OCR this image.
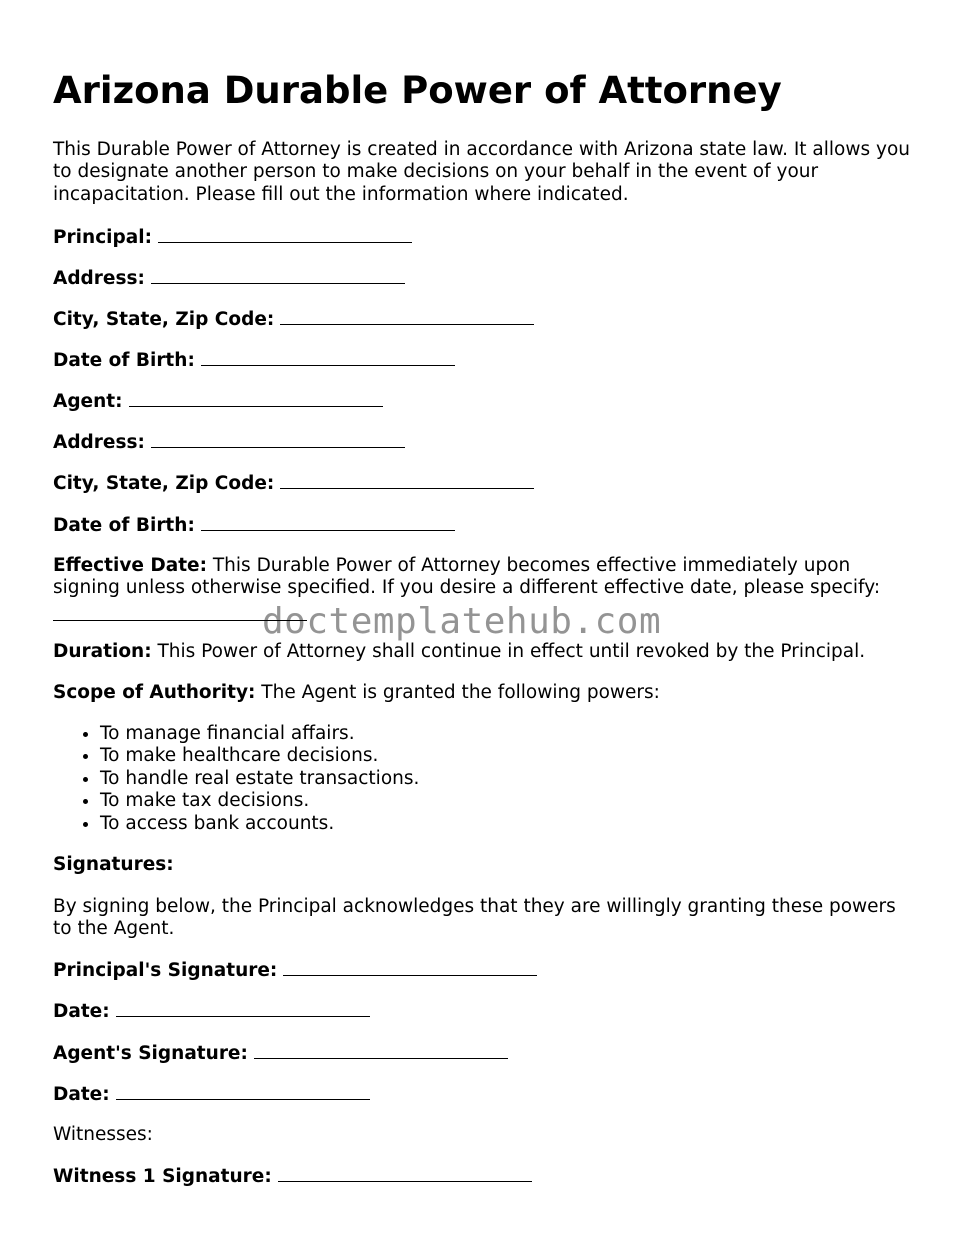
Arizona Durable Power of Attorney

This Durable Power of Attorney is created in accordance with Arizona state law. It allows you to designate another person to make decisions on your behalf in the event of your incapacitation. Please fill out the information where indicated.

Principal:
Address:
City, State, Zip Code:
Date of Birth:
Agent:
Address:
City, State, Zip Code:
Date of Birth:
Effective Date: This Durable Power of Attorney becomes effective immediately upon signing unless otherwise specified. If you desire a different effective date, please specify:
Duration: This Power of Attorney shall continue in effect until revoked by the Principal.
Scope of Authority: The Agent is granted the following powers:
• To manage financial affairs.
• To make healthcare decisions.
• To handle real estate transactions.
• To make tax decisions.
• To access bank accounts.
Signatures:

By signing below, the Principal acknowledges that they are willingly granting these powers to the Agent.

Principal's Signature:
Date:
Agent's Signature:
Date:
Witnesses:
Witness 1 Signature:
doctemplatehub.com
